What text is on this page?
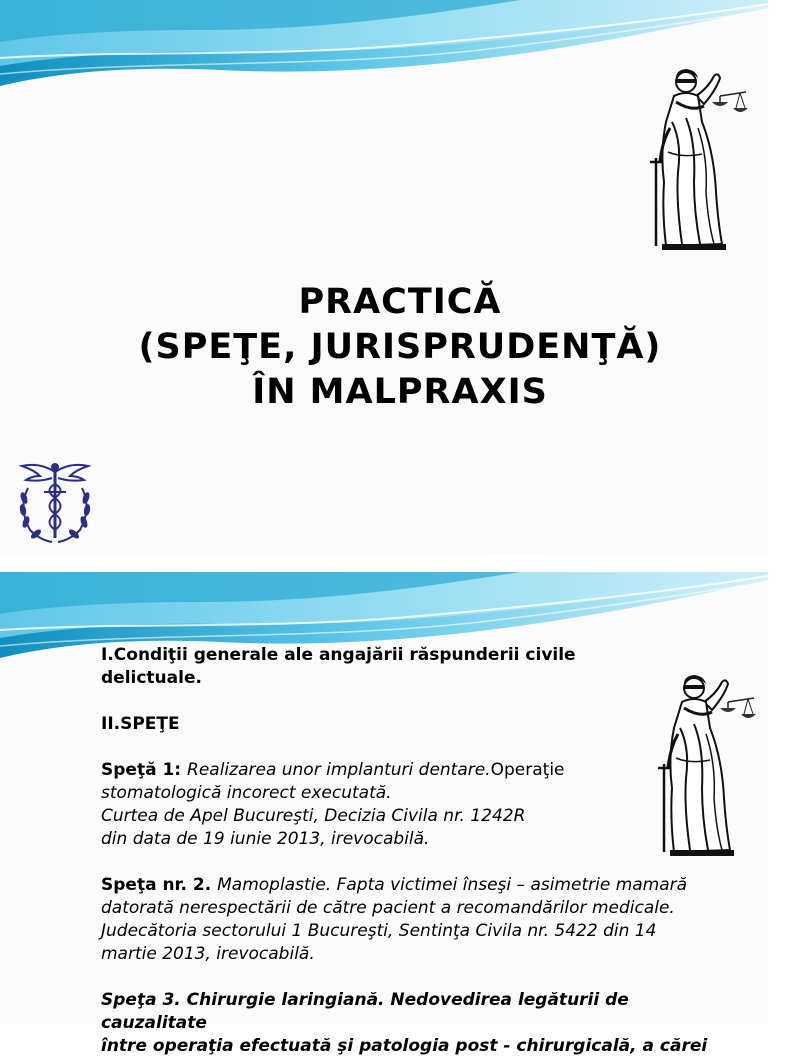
PRACTICĂ
(SPEŢE, JURISPRUDENŢĂ)
ÎN MALPRAXIS

I.Condiţii generale ale angajării răspunderii civile
delictuale.

II.SPEŢE

Speţă 1: Realizarea unor implanturi dentare.Operaţie
stomatologică incorect executată.
Curtea de Apel Bucureşti, Decizia Civila nr. 1242R
din data de 19 iunie 2013, irevocabilă.

Speţa nr. 2. Mamoplastie. Fapta victimei înseşi – asimetrie mamară
datorată nerespectării de către pacient a recomandărilor medicale.
Judecătoria sectorului 1 Bucureşti, Sentinţa Civila nr. 5422 din 14
martie 2013, irevocabilă.

Speţa 3. Chirurgie laringiană. Nedovedirea legăturii de cauzalitate
între operaţia efectuată şi patologia post - chirurgicală, a cărei
